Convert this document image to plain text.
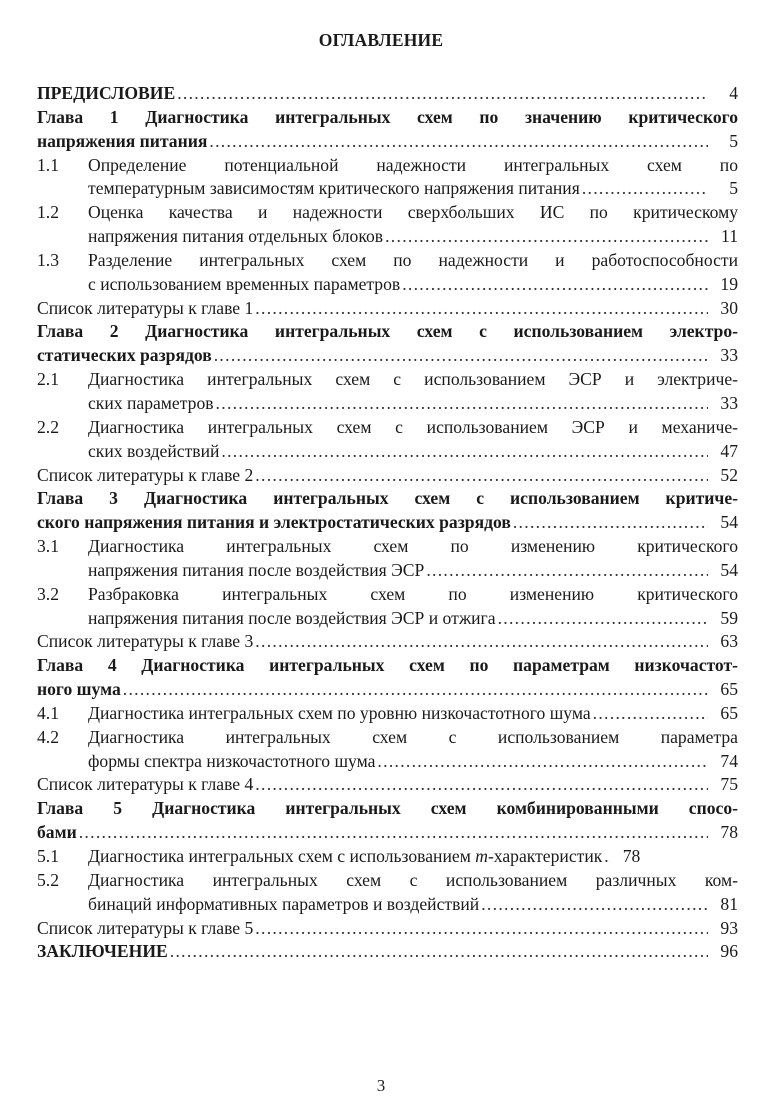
ОГЛАВЛЕНИЕ
ПРЕДИСЛОВИЕ .....	4
Глава 1 Диагностика интегральных схем по значению критического
напряжения питания .....	5
1.1	Определение потенциальной надежности интегральных схем по
температурным зависимостям критического напряжения питания .....	5
1.2	Оценка качества и надежности сверхбольших ИС по критическому
напряжения питания отдельных блоков .....	11
1.3	Разделение интегральных схем по надежности и работоспособности
с использованием временных параметров .....	19
Список литературы к главе 1 .....	30
Глава 2 Диагностика интегральных схем с использованием электро-
статических разрядов .....	33
2.1	Диагностика интегральных схем с использованием ЭСР и электриче-
ских параметров .....	33
2.2	Диагностика интегральных схем с использованием ЭСР и механиче-
ских воздействий .....	47
Список литературы к главе 2 .....	52
Глава 3 Диагностика интегральных схем с использованием критиче-
ского напряжения питания и электростатических разрядов .....	54
3.1	Диагностика интегральных схем по изменению критического
напряжения питания после воздействия ЭСР .....	54
3.2	Разбраковка интегральных схем по изменению критического
напряжения питания после воздействия ЭСР и отжига .....	59
Список литературы к главе 3 .....	63
Глава 4 Диагностика интегральных схем по параметрам низкочастот-
ного шума .....	65
4.1	Диагностика интегральных схем по уровню низкочастотного шума .....	65
4.2	Диагностика интегральных схем с использованием параметра
формы спектра низкочастотного шума .....	74
Список литературы к главе 4 .....	75
Глава 5 Диагностика интегральных схем комбинированными спосо-
бами .....	78
5.1	Диагностика интегральных схем с использованием m-характеристик .....	78
5.2	Диагностика интегральных схем с использованием различных ком-
бинаций информативных параметров и воздействий .....	81
Список литературы к главе 5 .....	93
ЗАКЛЮЧЕНИЕ .....	96
3
